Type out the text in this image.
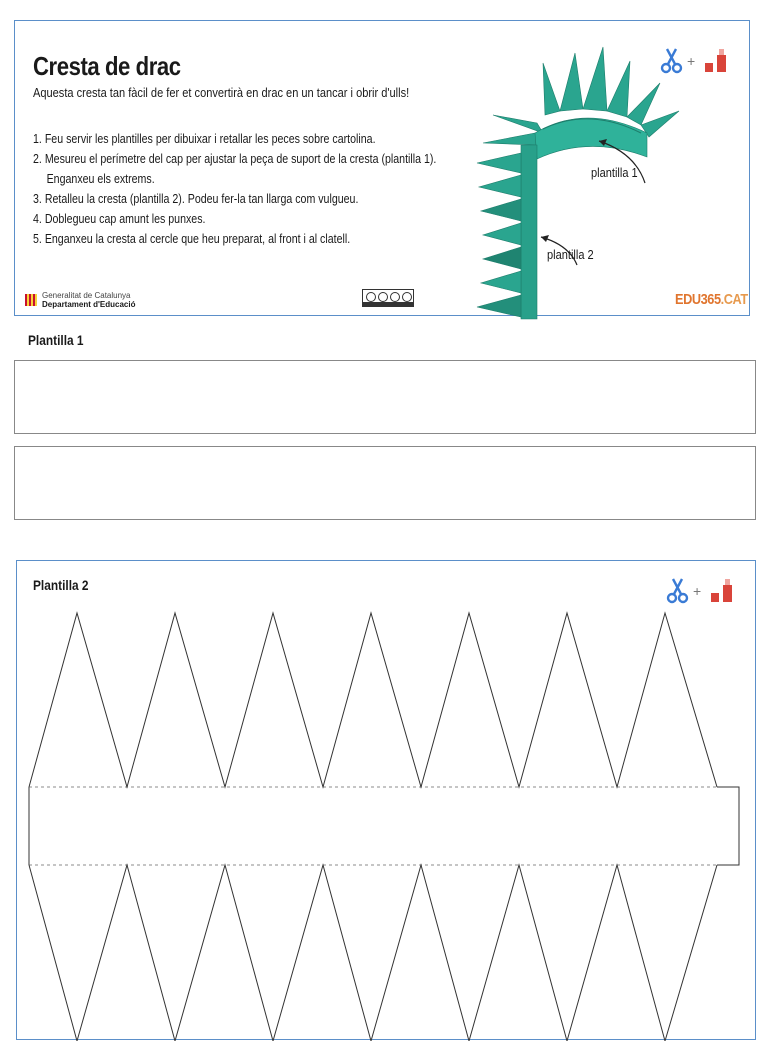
Cresta de drac
Aquesta cresta tan fàcil de fer et convertirà en drac en un tancar i obrir d'ulls!
1. Feu servir les plantilles per dibuixar i retallar les peces sobre cartolina.
2. Mesureu el perímetre del cap per ajustar la peça de suport de la cresta (plantilla 1).
Enganxeu els extrems.
3. Retalleu la cresta (plantilla 2). Podeu fer-la tan llarga com vulgueu.
4. Doblegueu cap amunt les punxes.
5. Enganxeu la cresta al cercle que heu preparat, al front i al clatell.
+
plantilla 1
plantilla 2
Generalitat de Catalunya
Departament d'Educació	EDU365.CAT
Plantilla 1
Plantilla 2	+
